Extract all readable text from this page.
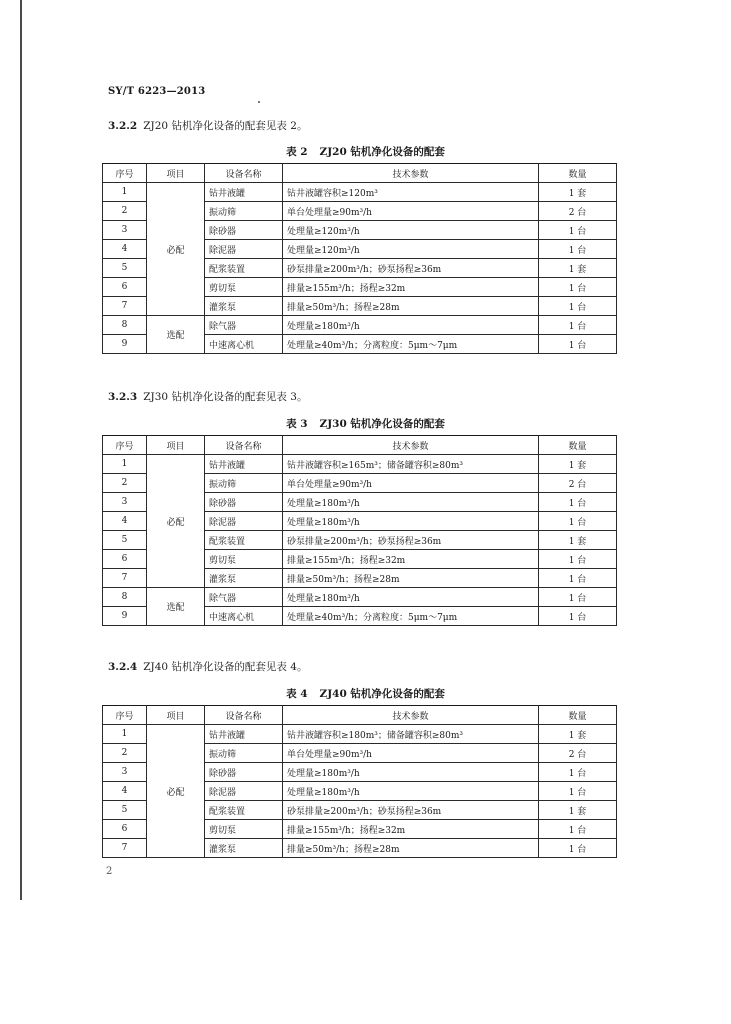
SY/T 6223—2013
3.2.2 ZJ20 钻机净化设备的配套见表 2。
表 2 ZJ20 钻机净化设备的配套
序号	项目	设备名称	技术参数	数量
1	必配	钻井液罐	钻井液罐容积≥120m³	1 套
2		振动筛	单台处理量≥90m³/h	2 台
3		除砂器	处理量≥120m³/h	1 台
4		除泥器	处理量≥120m³/h	1 台
5		配浆装置	砂泵排量≥200m³/h；砂泵扬程≥36m	1 套
6		剪切泵	排量≥155m³/h；扬程≥32m	1 台
7		灌浆泵	排量≥50m³/h；扬程≥28m	1 台
8	选配	除气器	处理量≥180m³/h	1 台
9		中速离心机	处理量≥40m³/h；分离粒度：5μm～7μm	1 台
3.2.3 ZJ30 钻机净化设备的配套见表 3。
表 3 ZJ30 钻机净化设备的配套
序号	项目	设备名称	技术参数	数量
1	必配	钻井液罐	钻井液罐容积≥165m³；储备罐容积≥80m³	1 套
2		振动筛	单台处理量≥90m³/h	2 台
3		除砂器	处理量≥180m³/h	1 台
4		除泥器	处理量≥180m³/h	1 台
5		配浆装置	砂泵排量≥200m³/h；砂泵扬程≥36m	1 套
6		剪切泵	排量≥155m³/h；扬程≥32m	1 台
7		灌浆泵	排量≥50m³/h；扬程≥28m	1 台
8	选配	除气器	处理量≥180m³/h	1 台
9		中速离心机	处理量≥40m³/h；分离粒度：5μm～7μm	1 台
3.2.4 ZJ40 钻机净化设备的配套见表 4。
表 4 ZJ40 钻机净化设备的配套
序号	项目	设备名称	技术参数	数量
1	必配	钻井液罐	钻井液罐容积≥180m³；储备罐容积≥80m³	1 套
2		振动筛	单台处理量≥90m³/h	2 台
3		除砂器	处理量≥180m³/h	1 台
4		除泥器	处理量≥180m³/h	1 台
5		配浆装置	砂泵排量≥200m³/h；砂泵扬程≥36m	1 套
6		剪切泵	排量≥155m³/h；扬程≥32m	1 台
7		灌浆泵	排量≥50m³/h；扬程≥28m	1 台
2
